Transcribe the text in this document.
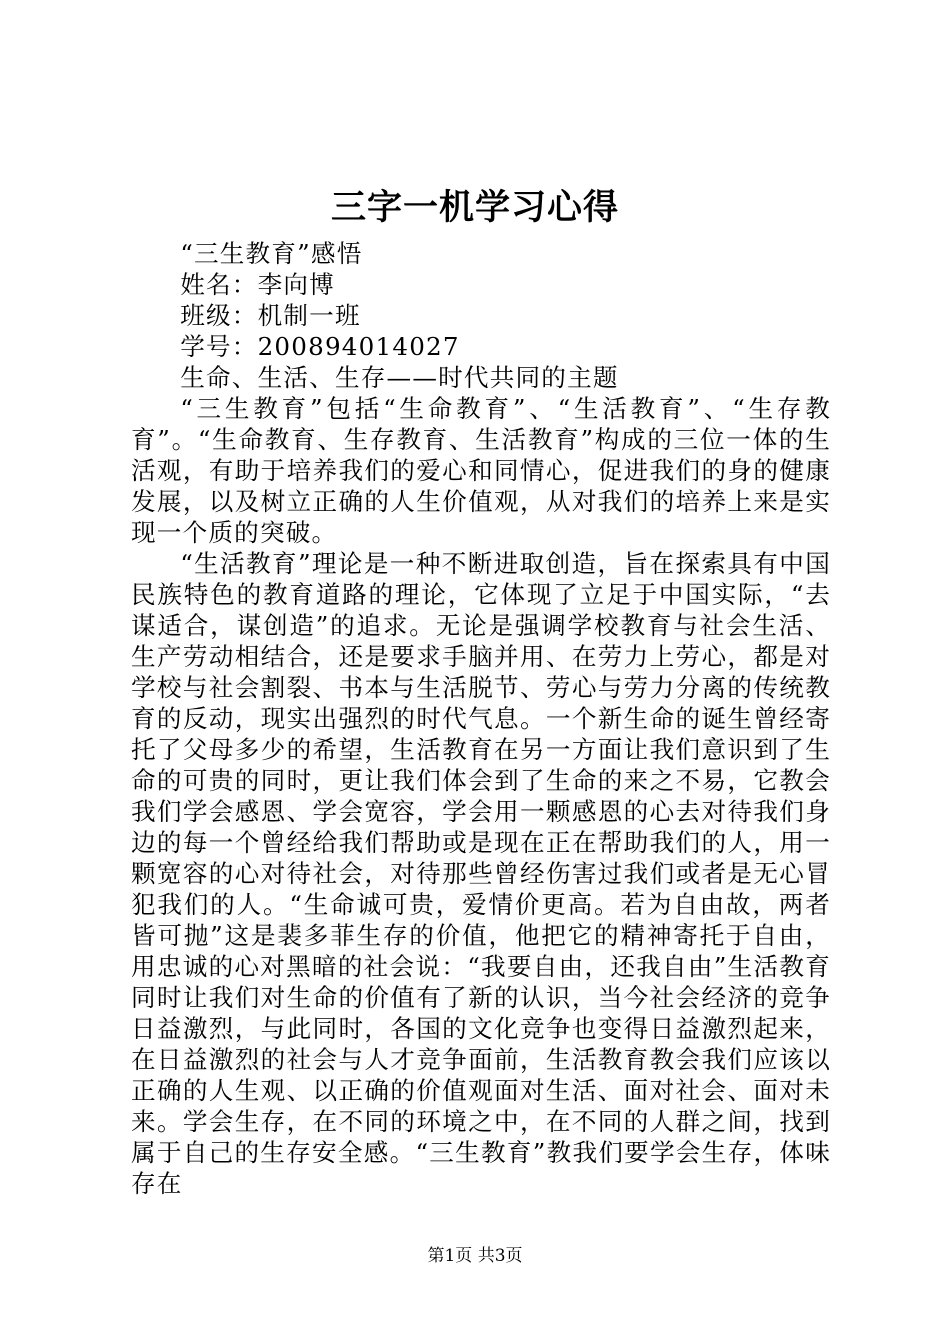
三字一机学习心得

“三生教育”感悟

姓名：李向博

班级：机制一班

学号：200894014027

生命、生活、生存——时代共同的主题

“三生教育”包括“生命教育”、“生活教育”、“生存教育”。“生命教育、生存教育、生活教育”构成的三位一体的生活观，有助于培养我们的爱心和同情心，促进我们的身的健康发展，以及树立正确的人生价值观，从对我们的培养上来是实现一个质的突破。

“生活教育”理论是一种不断进取创造，旨在探索具有中国民族特色的教育道路的理论，它体现了立足于中国实际，“去谋适合，谋创造”的追求。无论是强调学校教育与社会生活、生产劳动相结合，还是要求手脑并用、在劳力上劳心，都是对学校与社会割裂、书本与生活脱节、劳心与劳力分离的传统教育的反动，现实出强烈的时代气息。一个新生命的诞生曾经寄托了父母多少的希望，生活教育在另一方面让我们意识到了生命的可贵的同时，更让我们体会到了生命的来之不易，它教会我们学会感恩、学会宽容，学会用一颗感恩的心去对待我们身边的每一个曾经给我们帮助或是现在正在帮助我们的人，用一颗宽容的心对待社会，对待那些曾经伤害过我们或者是无心冒犯我们的人。“生命诚可贵，爱情价更高。若为自由故，两者皆可抛”这是裴多菲生存的价值，他把它的精神寄托于自由，用忠诚的心对黑暗的社会说：“我要自由，还我自由”生活教育同时让我们对生命的价值有了新的认识，当今社会经济的竞争日益激烈，与此同时，各国的文化竞争也变得日益激烈起来，在日益激烈的社会与人才竞争面前，生活教育教会我们应该以正确的人生观、以正确的价值观面对生活、面对社会、面对未来。学会生存，在不同的环境之中，在不同的人群之间，找到属于自己的生存安全感。“三生教育”教我们要学会生存，体味存在

第1页 共3页
